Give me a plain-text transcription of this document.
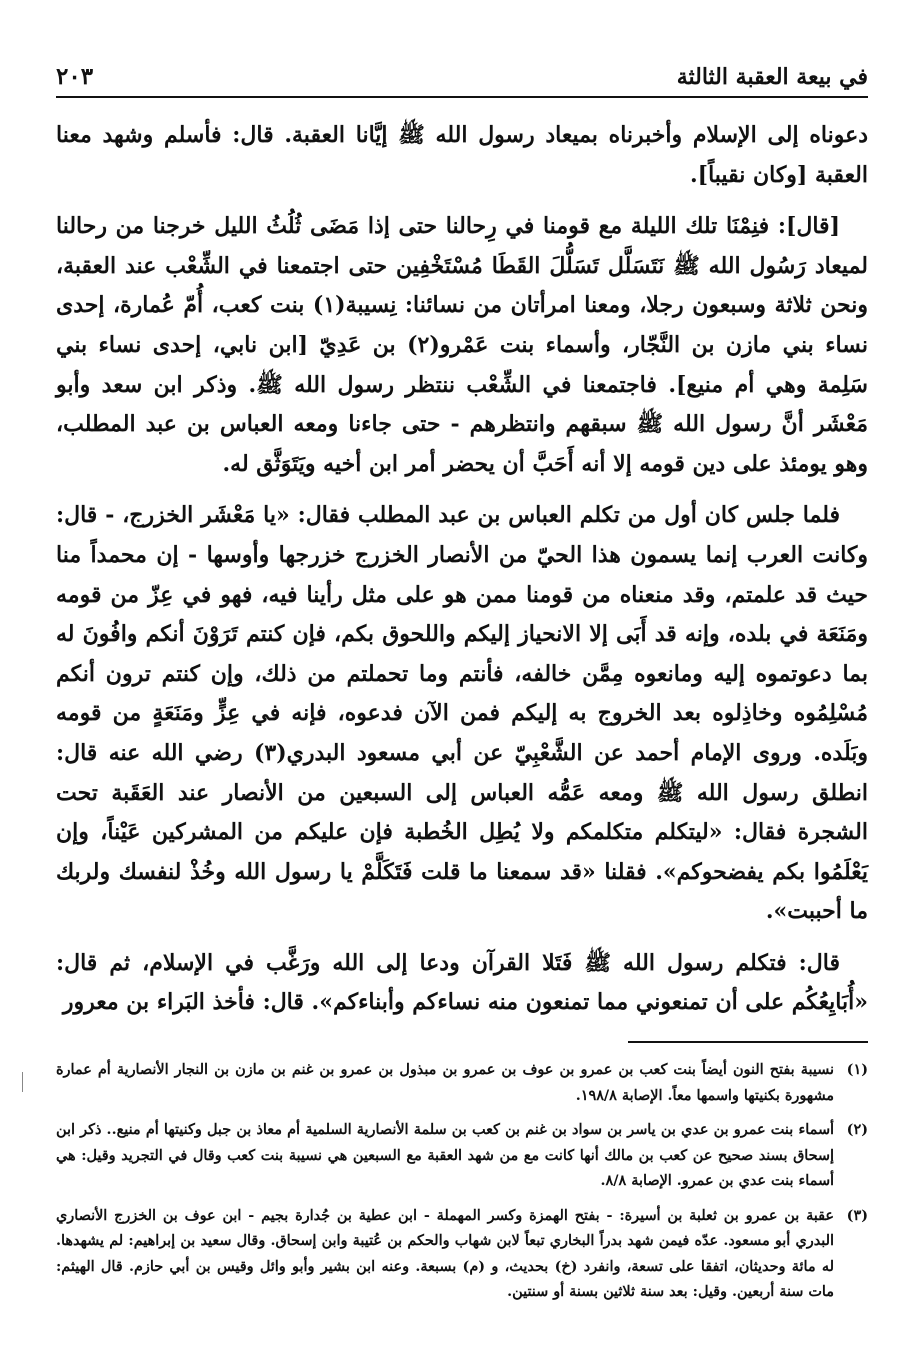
في بيعة العقبة الثالثة
٢٠٣

دعوناه إلى الإسلام وأخبرناه بميعاد رسول الله ﷺ إيَّانا العقبة. قال: فأسلم وشهد معنا العقبة [وكان نقيباً].

[قال]: فنِمْنَا تلك الليلة مع قومنا في رِحالنا حتى إذا مَضَى ثُلُثُ الليل خرجنا من رحالنا لميعاد رَسُول الله ﷺ نَتَسَلَّل تَسَلُّلَ القَطَا مُسْتَخْفِين حتى اجتمعنا في الشِّعْب عند العقبة، ونحن ثلاثة وسبعون رجلا، ومعنا امرأتان من نسائنا: نِسيبة(١) بنت كعب، أُمّ عُمارة، إحدى نساء بني مازن بن النَّجّار، وأسماء بنت عَمْرو(٢) بن عَدِيّ [ابن نابي، إحدى نساء بني سَلِمة وهي أم منيع]. فاجتمعنا في الشِّعْب ننتظر رسول الله ﷺ. وذكر ابن سعد وأبو مَعْشَر أنَّ رسول الله ﷺ سبقهم وانتظرهم - حتى جاءنا ومعه العباس بن عبد المطلب، وهو يومئذ على دين قومه إلا أنه أَحَبَّ أن يحضر أمر ابن أخيه ويَتَوَثَّق له.

فلما جلس كان أول من تكلم العباس بن عبد المطلب فقال: «يا مَعْشَر الخزرج، - قال: وكانت العرب إنما يسمون هذا الحيّ من الأنصار الخزرج خزرجها وأوسها - إن محمداً منا حيث قد علمتم، وقد منعناه من قومنا ممن هو على مثل رأينا فيه، فهو في عِزّ من قومه ومَنَعَة في بلده، وإنه قد أَبَى إلا الانحياز إليكم واللحوق بكم، فإن كنتم تَرَوْنَ أنكم وافُونَ له بما دعوتموه إليه ومانعوه مِمَّن خالفه، فأنتم وما تحملتم من ذلك، وإن كنتم ترون أنكم مُسْلِمُوه وخاذِلوه بعد الخروج به إليكم فمن الآن فدعوه، فإنه في عِزٍّ ومَنَعَةٍ من قومه وبَلَده. وروى الإمام أحمد عن الشَّعْبِيّ عن أبي مسعود البدري(٣) رضي الله عنه قال: انطلق رسول الله ﷺ ومعه عَمُّه العباس إلى السبعين من الأنصار عند العَقَبة تحت الشجرة فقال: «ليتكلم متكلمكم ولا يُطِل الخُطبة فإن عليكم من المشركين عَيْناً، وإن يَعْلَمُوا بكم يفضحوكم». فقلنا «قد سمعنا ما قلت فَتَكَلَّمْ يا رسول الله وخُذْ لنفسك ولربك ما أحببت».

قال: فتكلم رسول الله ﷺ فَتَلا القرآن ودعا إلى الله ورَغَّب في الإسلام، ثم قال: «أُبَايِعُكُم على أن تمنعوني مما تمنعون منه نساءكم وأبناءكم». قال: فأخذ البَراء بن معرور

(١)
نسيبة بفتح النون أيضاً بنت كعب بن عمرو بن عوف بن عمرو بن مبذول بن عمرو بن غنم بن مازن بن النجار الأنصارية أم عمارة مشهورة بكنيتها واسمها معاً. الإصابة ١٩٨/٨.
(٢)
أسماء بنت عمرو بن عدي بن ياسر بن سواد بن غنم بن كعب بن سلمة الأنصارية السلمية أم معاذ بن جبل وكنيتها أم منيع.. ذكر ابن إسحاق بسند صحيح عن كعب بن مالك أنها كانت مع من شهد العقبة مع السبعين هي نسيبة بنت كعب وقال في التجريد وقيل: هي أسماء بنت عدي بن عمرو. الإصابة ٨/٨.
(٣)
عقبة بن عمرو بن ثعلبة بن أسيرة: - بفتح الهمزة وكسر المهملة - ابن عطية بن جُدارة بجيم - ابن عوف بن الخزرج الأنصاري البدري أبو مسعود. عدّه فيمن شهد بدراً البخاري تبعاً لابن شهاب والحكم بن عُتيبة وابن إسحاق. وقال سعيد بن إبراهيم: لم يشهدها. له مائة وحديثان، اتفقا على تسعة، وانفرد (خ) بحديث، و (م) بسبعة. وعنه ابن بشير وأبو وائل وقيس بن أبي حازم. قال الهيثم: مات سنة أربعين. وقيل: بعد سنة ثلاثين بسنة أو سنتين.
